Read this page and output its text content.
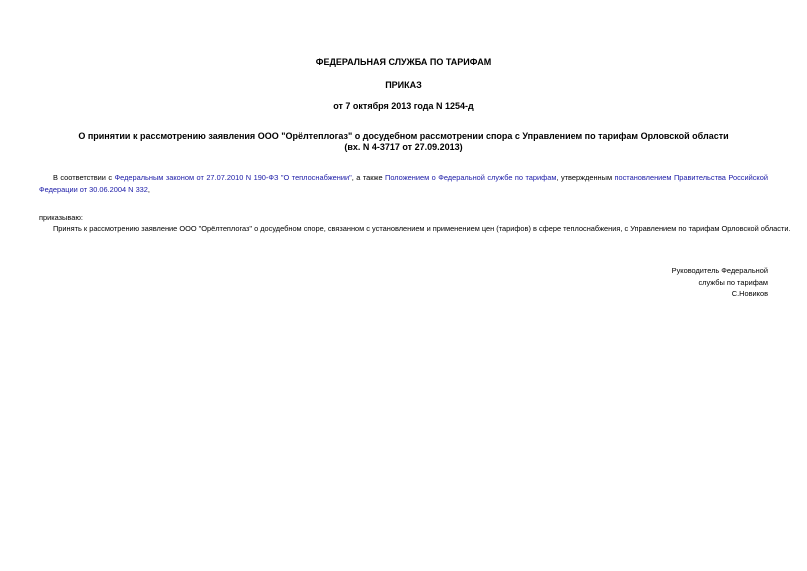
ФЕДЕРАЛЬНАЯ СЛУЖБА ПО ТАРИФАМ
ПРИКАЗ
от 7 октября 2013 года N 1254-д
О принятии к рассмотрению заявления ООО "Орёлтеплогаз" о досудебном рассмотрении спора с Управлением по тарифам Орловской области
(вх. N 4-3717 от 27.09.2013)
В соответствии с Федеральным законом от 27.07.2010 N 190-ФЗ "О теплоснабжении", а также Положением о Федеральной службе по тарифам, утвержденным постановлением Правительства Российской Федерации от 30.06.2004 N 332,
приказываю:
Принять к рассмотрению заявление ООО "Орёлтеплогаз" о досудебном споре, связанном с установлением и применением цен (тарифов) в сфере теплоснабжения, с Управлением по тарифам Орловской области.
Руководитель Федеральной
службы по тарифам
С.Новиков
